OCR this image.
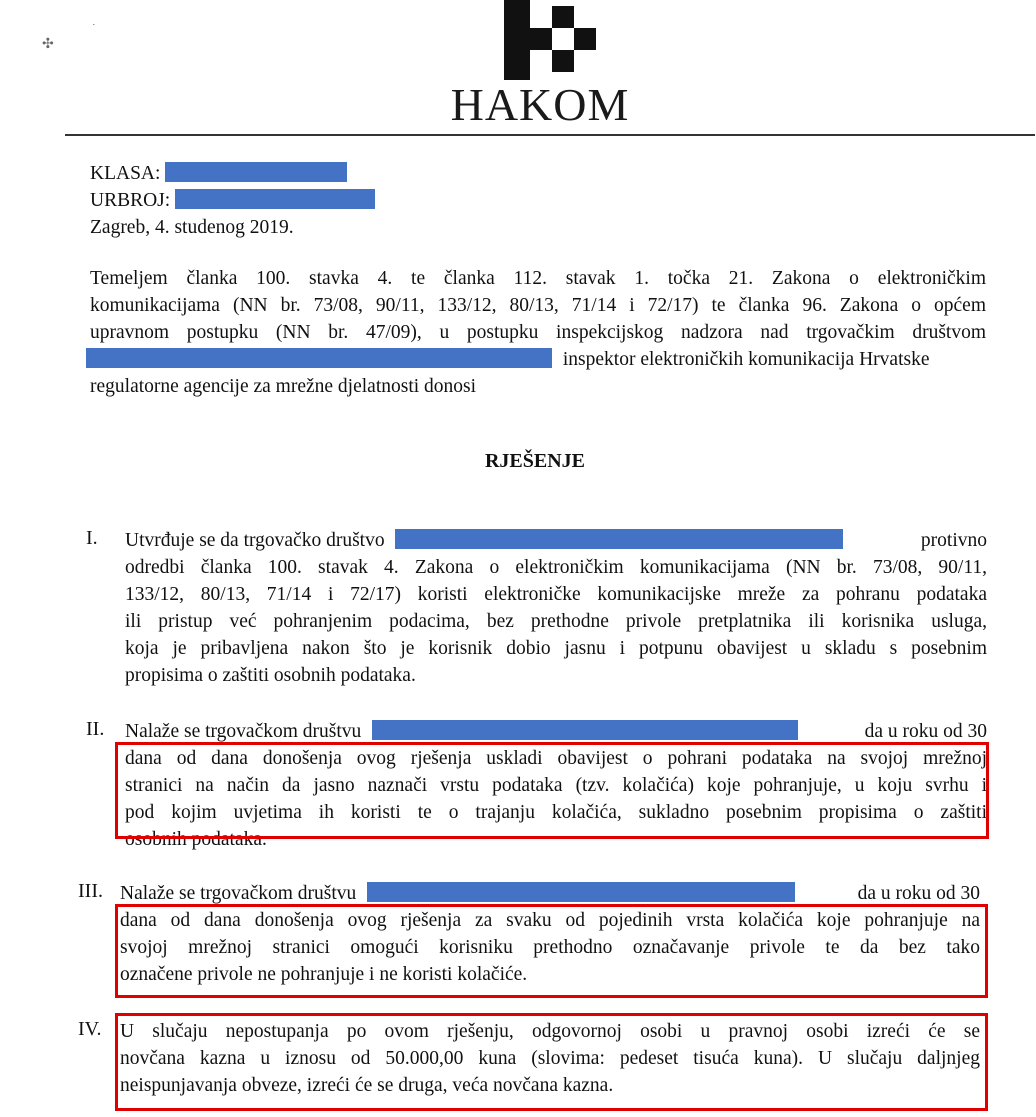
HAKOM
✣
˙
KLASA:
URBROJ:
Zagreb, 4. studenog 2019.
Temeljem članka 100. stavka 4. te članka 112. stavak 1. točka 21. Zakona o elektroničkim
komunikacijama (NN br. 73/08, 90/11, 133/12, 80/13, 71/14 i 72/17) te članka 96. Zakona o općem
upravnom postupku (NN br. 47/09), u postupku inspekcijskog nadzora nad trgovačkim društvom
inspektor elektroničkih komunikacija Hrvatske
regulatorne agencije za mrežne djelatnosti donosi
RJEŠENJE
I. Utvrđuje se da trgovačko društvo	protivno
odredbi članka 100. stavak 4. Zakona o elektroničkim komunikacijama (NN br. 73/08, 90/11,
133/12, 80/13, 71/14 i 72/17) koristi elektroničke komunikacijske mreže za pohranu podataka
ili pristup već pohranjenim podacima, bez prethodne privole pretplatnika ili korisnika usluga,
koja je pribavljena nakon što je korisnik dobio jasnu i potpunu obavijest u skladu s posebnim
propisima o zaštiti osobnih podataka.
II. Nalaže se trgovačkom društvu	da u roku od 30
dana od dana donošenja ovog rješenja uskladi obavijest o pohrani podataka na svojoj mrežnoj
stranici na način da jasno naznači vrstu podataka (tzv. kolačića) koje pohranjuje, u koju svrhu i
pod kojim uvjetima ih koristi te o trajanju kolačića, sukladno posebnim propisima o zaštiti
osobnih podataka.
III. Nalaže se trgovačkom društvu	da u roku od 30
dana od dana donošenja ovog rješenja za svaku od pojedinih vrsta kolačića koje pohranjuje na
svojoj mrežnoj stranici omogući korisniku prethodno označavanje privole te da bez tako
označene privole ne pohranjuje i ne koristi kolačiće.
IV. U slučaju nepostupanja po ovom rješenju, odgovornoj osobi u pravnoj osobi izreći će se
novčana kazna u iznosu od 50.000,00 kuna (slovima: pedeset tisuća kuna). U slučaju daljnjeg
neispunjavanja obveze, izreći će se druga, veća novčana kazna.
